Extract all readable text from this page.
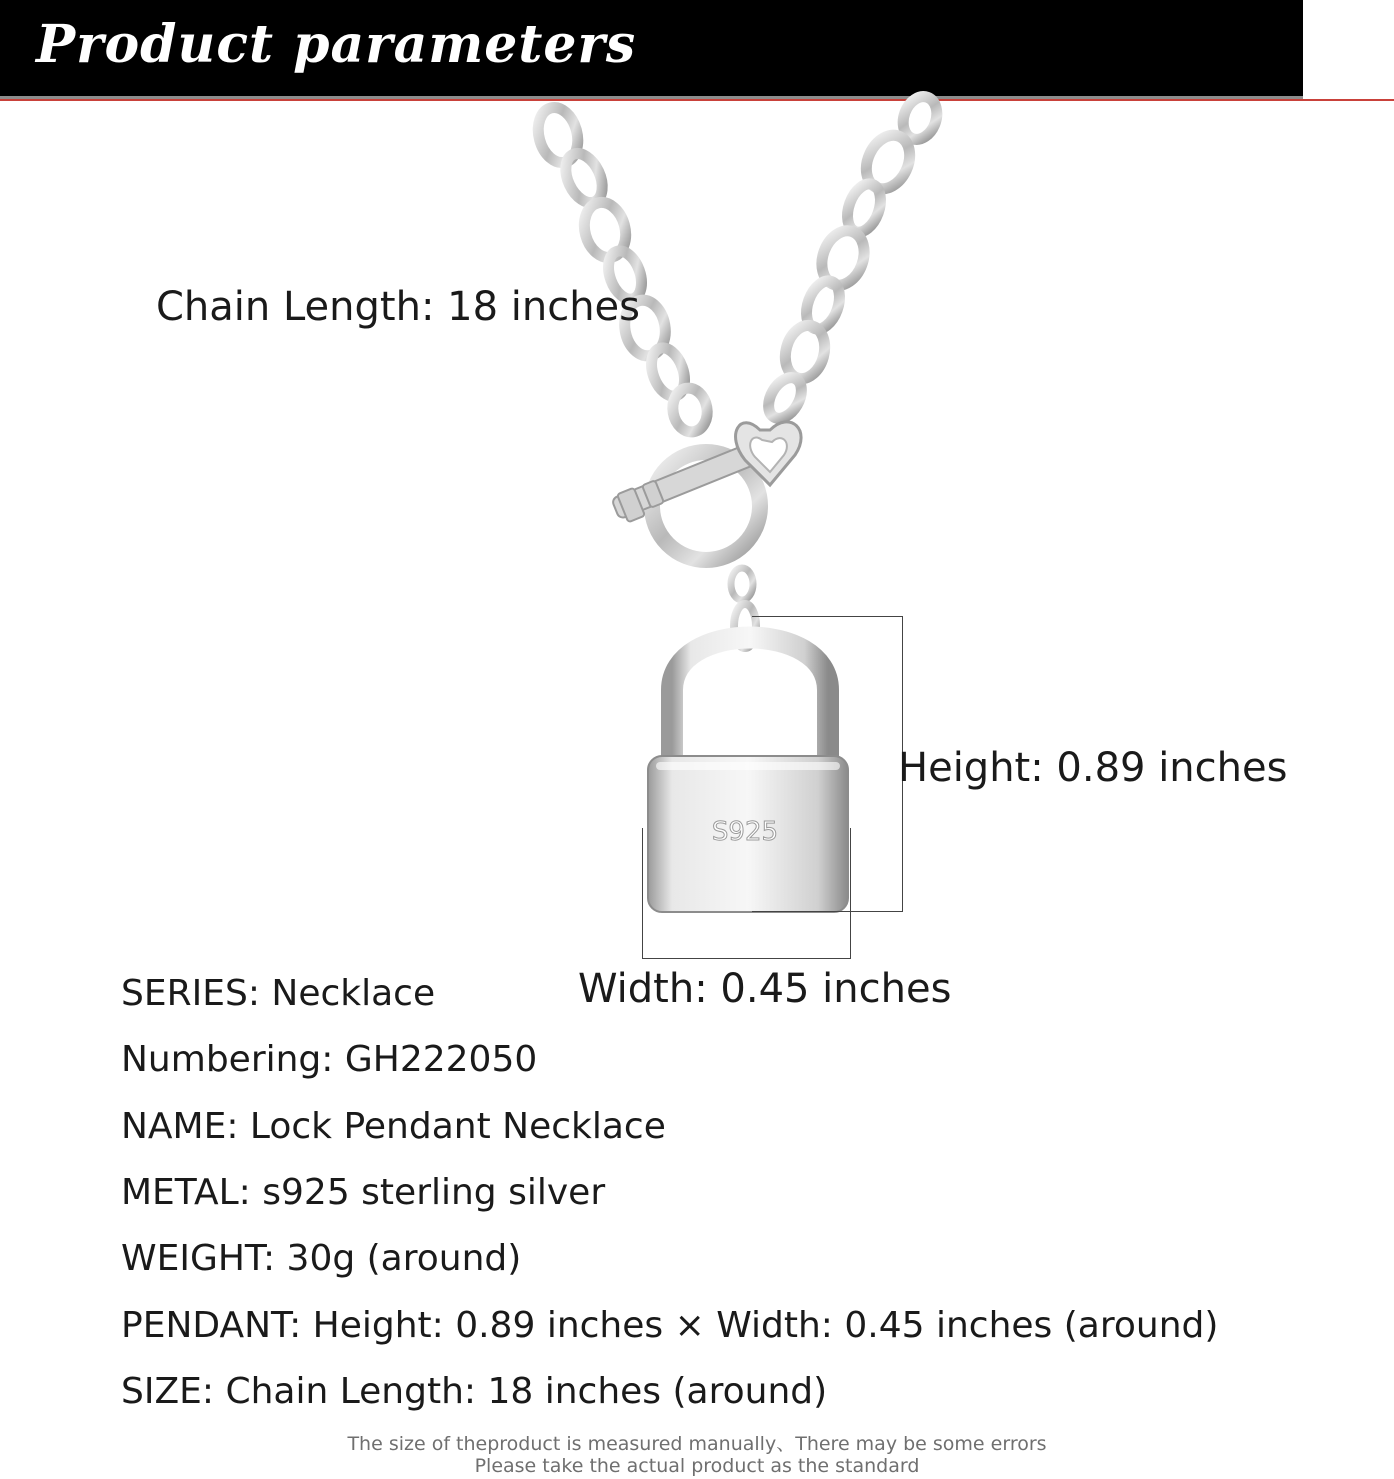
Product parameters
S925
Chain Length: 18 inches
Height: 0.89 inches
Width: 0.45 inches
SERIES: Necklace
Numbering: GH222050
NAME: Lock Pendant Necklace
METAL: s925 sterling silver
WEIGHT: 30g (around)
PENDANT: Height: 0.89 inches × Width: 0.45 inches (around)
SIZE: Chain Length: 18 inches (around)
The size of theproduct is measured manually、There may be some errors
Please take the actual product as the standard
